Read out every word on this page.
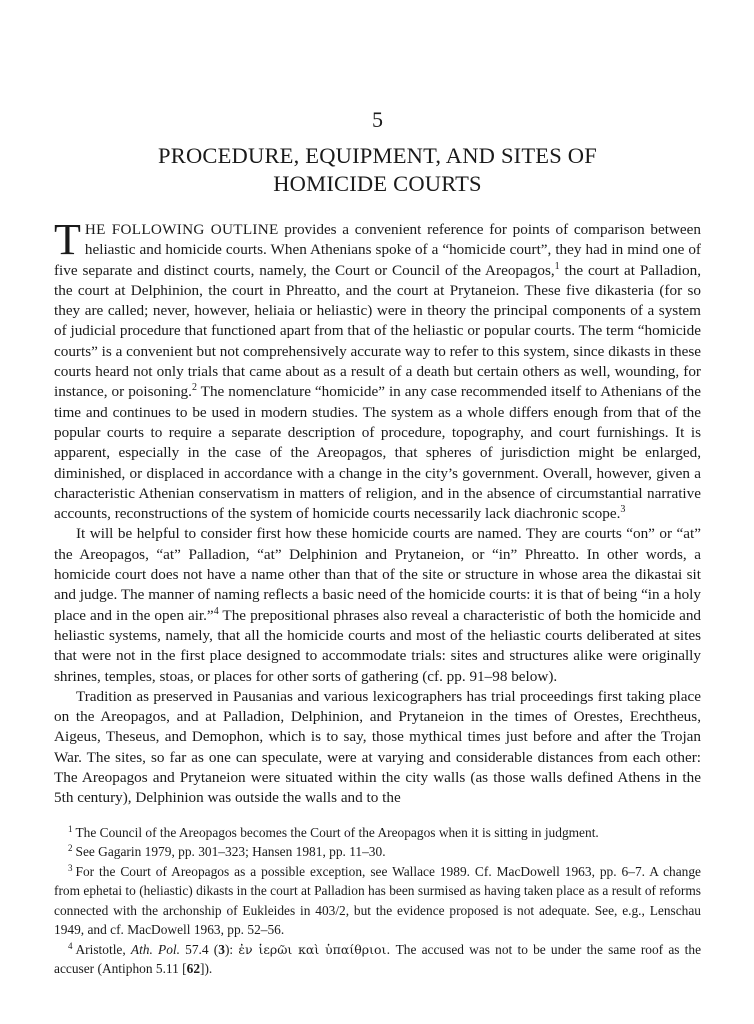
5

PROCEDURE, EQUIPMENT, AND SITES OF
HOMICIDE COURTS

THE FOLLOWING OUTLINE provides a convenient reference for points of comparison between heliastic and homicide courts. When Athenians spoke of a “homicide court”, they had in mind one of five separate and distinct courts, namely, the Court or Council of the Areopagos,$^1$ the court at Palladion, the court at Delphinion, the court in Phreatto, and the court at Prytaneion. These five dikasteria (for so they are called; never, however, heliaia or heliastic) were in theory the principal components of a system of judicial procedure that functioned apart from that of the heliastic or popular courts. The term “homicide courts” is a convenient but not comprehensively accurate way to refer to this system, since dikasts in these courts heard not only trials that came about as a result of a death but certain others as well, wounding, for instance, or poisoning.$^2$ The nomenclature “homicide” in any case recommended itself to Athenians of the time and continues to be used in modern studies. The system as a whole differs enough from that of the popular courts to require a separate description of procedure, topography, and court furnishings. It is apparent, especially in the case of the Areopagos, that spheres of jurisdiction might be enlarged, diminished, or displaced in accordance with a change in the city’s government. Overall, however, given a characteristic Athenian conservatism in matters of religion, and in the absence of circumstantial narrative accounts, reconstructions of the system of homicide courts necessarily lack diachronic scope.$^3$

It will be helpful to consider first how these homicide courts are named. They are courts “on” or “at” the Areopagos, “at” Palladion, “at” Delphinion and Prytaneion, or “in” Phreatto. In other words, a homicide court does not have a name other than that of the site or structure in whose area the dikastai sit and judge. The manner of naming reflects a basic need of the homicide courts: it is that of being “in a holy place and in the open air.”$^4$ The prepositional phrases also reveal a characteristic of both the homicide and heliastic systems, namely, that all the homicide courts and most of the heliastic courts deliberated at sites that were not in the first place designed to accommodate trials: sites and structures alike were originally shrines, temples, stoas, or places for other sorts of gathering (cf. pp. 91–98 below).

Tradition as preserved in Pausanias and various lexicographers has trial proceedings first taking place on the Areopagos, and at Palladion, Delphinion, and Prytaneion in the times of Orestes, Erechtheus, Aigeus, Theseus, and Demophon, which is to say, those mythical times just before and after the Trojan War. The sites, so far as one can speculate, were at varying and considerable distances from each other: The Areopagos and Prytaneion were situated within the city walls (as those walls defined Athens in the 5th century), Delphinion was outside the walls and to the

$^1$ The Council of the Areopagos becomes the Court of the Areopagos when it is sitting in judgment.

$^2$ See Gagarin 1979, pp. 301–323; Hansen 1981, pp. 11–30.

$^3$ For the Court of Areopagos as a possible exception, see Wallace 1989. Cf. MacDowell 1963, pp. 6–7. A change from ephetai to (heliastic) dikasts in the court at Palladion has been surmised as having taken place as a result of reforms connected with the archonship of Eukleides in 403/2, but the evidence proposed is not adequate. See, e.g., Lenschau 1949, and cf. MacDowell 1963, pp. 52–56.

$^4$ Aristotle, Ath. Pol. 57.4 (3): ἐν ἱερῶι καὶ ὑπαίθριοι. The accused was not to be under the same roof as the accuser (Antiphon 5.11 [62]).
